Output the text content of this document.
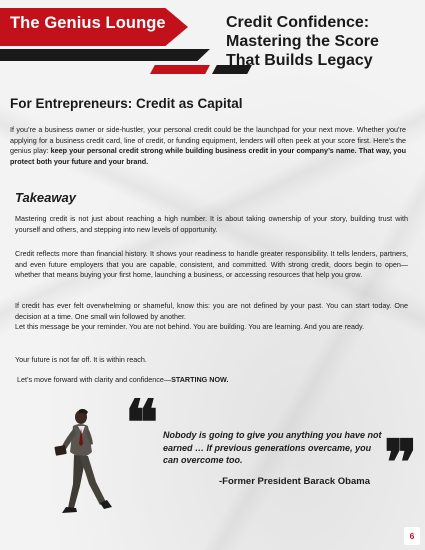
The Genius Lounge	Credit Confidence:
Mastering the Score
That Builds Legacy
For Entrepreneurs: Credit as Capital
If you’re a business owner or side-hustler, your personal credit could be the launchpad for your next move. Whether you’re applying for a business credit card, line of credit, or funding equipment, lenders will often peek at your score first. Here’s the genius play: keep your personal credit strong while building business credit in your company’s name. That way, you protect both your future and your brand.
Takeaway
Mastering credit is not just about reaching a high number. It is about taking ownership of your story, building trust with yourself and others, and stepping into new levels of opportunity.
Credit reflects more than financial history. It shows your readiness to handle greater responsibility. It tells lenders, partners, and even future employers that you are capable, consistent, and committed. With strong credit, doors begin to open—whether that means buying your first home, launching a business, or accessing resources that help you grow.
If credit has ever felt overwhelming or shameful, know this: you are not defined by your past. You can start today. One decision at a time. One small win followed by another.
Let this message be your reminder. You are not behind. You are building. You are learning. And you are ready.
Your future is not far off. It is within reach.
Let’s move forward with clarity and confidence—STARTING NOW.
❝ Nobody is going to give you anything you have not earned … If previous generations overcame, you can overcome too.	❞
-Former President Barack Obama
6
